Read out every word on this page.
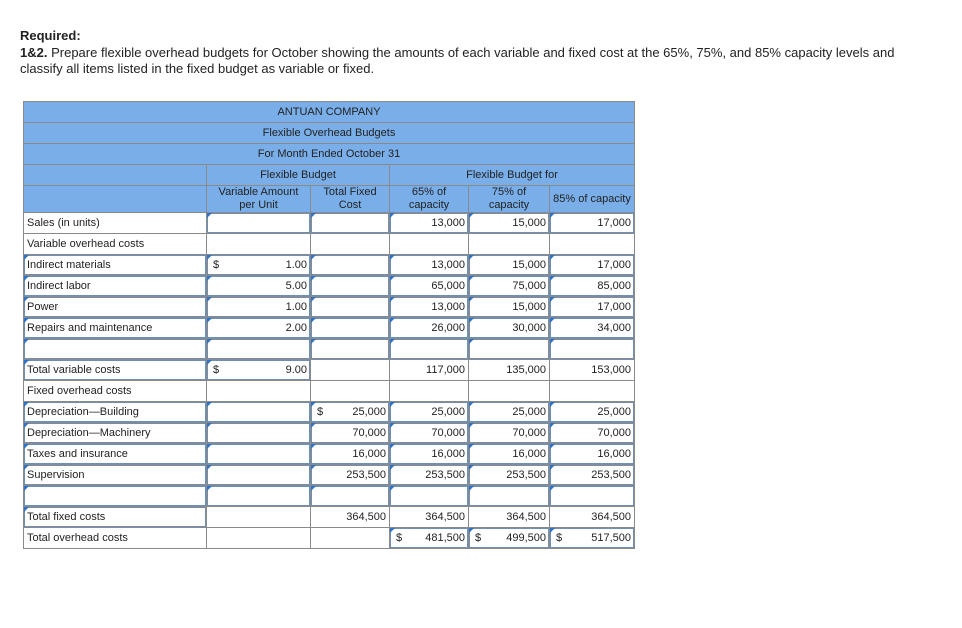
Required:
1&2. Prepare flexible overhead budgets for October showing the amounts of each variable and fixed cost at the 65%, 75%, and 85% capacity levels and classify all items listed in the fixed budget as variable or fixed.
ANTUAN COMPANY					
Flexible Overhead Budgets					
For Month Ended October 31					
	Flexible Budget		Flexible Budget for		
	Variable Amount per Unit	Total Fixed Cost	65% of capacity	75% of capacity	85% of capacity
Sales (in units)			13,000	15,000	17,000
Variable overhead costs					
Indirect materials	$ 1.00		13,000	15,000	17,000
Indirect labor	5.00		65,000	75,000	85,000
Power	1.00		13,000	15,000	17,000
Repairs and maintenance	2.00		26,000	30,000	34,000

Total variable costs	$ 9.00		117,000	135,000	153,000
Fixed overhead costs					
Depreciation—Building		$ 25,000	25,000	25,000	25,000
Depreciation—Machinery		70,000	70,000	70,000	70,000
Taxes and insurance		16,000	16,000	16,000	16,000
Supervision		253,500	253,500	253,500	253,500

Total fixed costs		364,500	364,500	364,500	364,500
Total overhead costs			$ 481,500	$ 499,500	$ 517,500
